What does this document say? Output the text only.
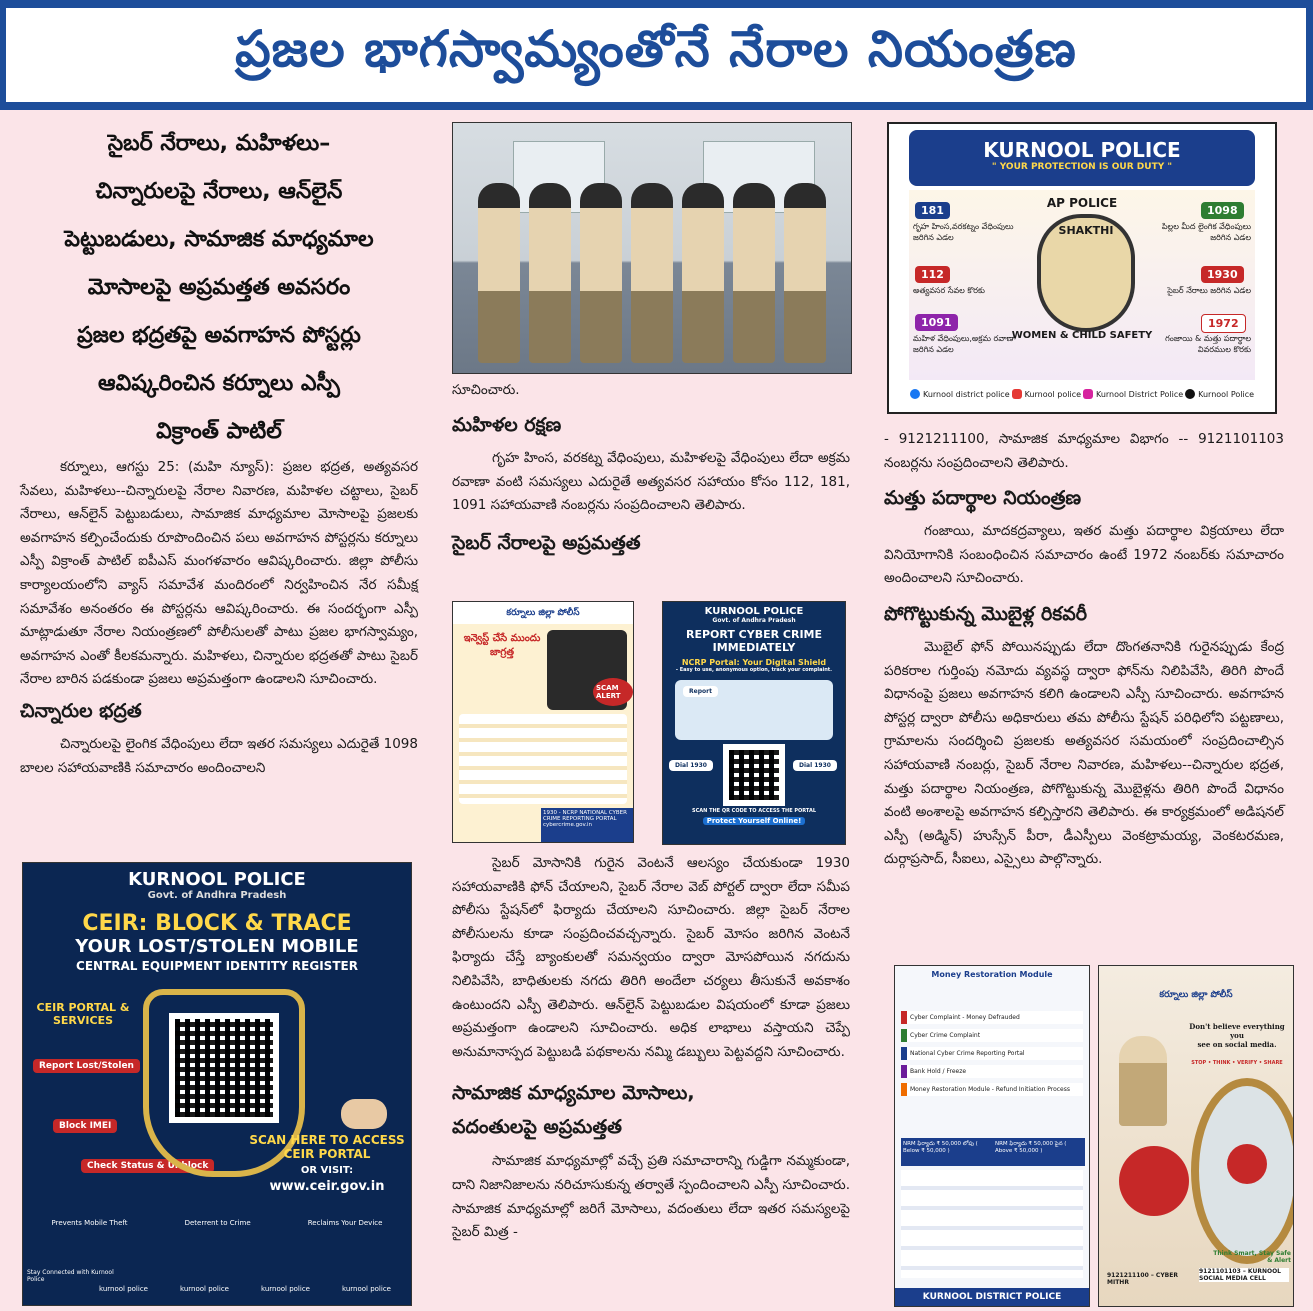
ప్రజల భాగస్వామ్యంతోనే నేరాల నియంత్రణ
సైబర్ నేరాలు, మహిళలు–
చిన్నారులపై నేరాలు, ఆన్‌లైన్
పెట్టుబడులు, సామాజిక మాధ్యమాల
మోసాలపై అప్రమత్తత అవసరం
ప్రజల భద్రతపై అవగాహన పోస్టర్లు
ఆవిష్కరించిన కర్నూలు ఎస్పీ
విక్రాంత్ పాటిల్

కర్నూలు, ఆగస్టు 25: (మహి న్యూస్): ప్రజల భద్రత, అత్యవసర సేవలు, మహిళలు--చిన్నారులపై నేరాల నివారణ, మహిళల చట్టాలు, సైబర్ నేరాలు, ఆన్‌లైన్ పెట్టుబడులు, సామాజిక మాధ్యమాల మోసాలపై ప్రజలకు అవగాహన కల్పించేందుకు రూపొందించిన పలు అవగాహన పోస్టర్లను కర్నూలు ఎస్పీ విక్రాంత్ పాటిల్ ఐపీఎస్ మంగళవారం ఆవిష్కరించారు. జిల్లా పోలీసు కార్యాలయంలోని వ్యాస్ సమావేశ మందిరంలో నిర్వహించిన నేర సమీక్ష సమావేశం అనంతరం ఈ పోస్టర్లను ఆవిష్కరించారు. ఈ సందర్భంగా ఎస్పీ మాట్లాడుతూ నేరాల నియంత్రణలో పోలీసులతో పాటు ప్రజల భాగస్వామ్యం, అవగాహన ఎంతో కీలకమన్నారు. మహిళలు, చిన్నారుల భద్రతతో పాటు సైబర్ నేరాల బారిన పడకుండా ప్రజలు అప్రమత్తంగా ఉండాలని సూచించారు.

చిన్నారుల భద్రత

చిన్నారులపై లైంగిక వేధింపులు లేదా ఇతర సమస్యలు ఎదురైతే 1098 బాలల సహాయవాణికి సమాచారం అందించాలని

సూచించారు.
మహిళల రక్షణ

గృహ హింస, వరకట్న వేధింపులు, మహిళలపై వేధింపులు లేదా అక్రమ రవాణా వంటి సమస్యలు ఎదురైతే అత్యవసర సహాయం కోసం 112, 181, 1091 సహాయవాణి నంబర్లను సంప్రదించాలని తెలిపారు.

సైబర్ నేరాలపై అప్రమత్తత

సైబర్ మోసానికి గురైన వెంటనే ఆలస్యం చేయకుండా 1930 సహాయవాణికి ఫోన్ చేయాలని, సైబర్ నేరాల వెబ్ పోర్టల్ ద్వారా లేదా సమీప పోలీసు స్టేషన్‌లో ఫిర్యాదు చేయాలని సూచించారు. జిల్లా సైబర్ నేరాల పోలీసులను కూడా సంప్రదించవచ్చన్నారు. సైబర్ మోసం జరిగిన వెంటనే ఫిర్యాదు చేస్తే బ్యాంకులతో సమన్వయం ద్వారా మోసపోయిన నగదును నిలిపివేసి, బాధితులకు నగదు తిరిగి అందేలా చర్యలు తీసుకునే అవకాశం ఉంటుందని ఎస్పీ తెలిపారు. ఆన్‌లైన్ పెట్టుబడుల విషయంలో కూడా ప్రజలు అప్రమత్తంగా ఉండాలని సూచించారు. అధిక లాభాలు వస్తాయని చెప్పే అనుమానాస్పద పెట్టుబడి పథకాలను నమ్మి డబ్బులు పెట్టవద్దని సూచించారు.

సామాజిక మాధ్యమాల మోసాలు,
వదంతులపై అప్రమత్తత

సామాజిక మాధ్యమాల్లో వచ్చే ప్రతి సమాచారాన్ని గుడ్డిగా నమ్మకుండా, దాని నిజానిజాలను నరిచూసుకున్న తర్వాతే స్పందించాలని ఎస్పీ సూచించారు. సామాజిక మాధ్యమాల్లో జరిగే మోసాలు, వదంతులు లేదా ఇతర సమస్యలపై సైబర్ మిత్ర -

- 9121211100, సామాజిక మాధ్యమాల విభాగం -- 9121101103 నంబర్లను సంప్రదించాలని తెలిపారు.

మత్తు పదార్థాల నియంత్రణ

గంజాయి, మాదకద్రవ్యాలు, ఇతర మత్తు పదార్థాల విక్రయాలు లేదా వినియోగానికి సంబంధించిన సమాచారం ఉంటే 1972 నంబర్‌కు సమాచారం అందించాలని సూచించారు.

పోగొట్టుకున్న మొబైళ్ల రికవరీ

మొబైల్ ఫోన్ పోయినప్పుడు లేదా దొంగతనానికి గురైనప్పుడు కేంద్ర పరికరాల గుర్తింపు నమోదు వ్యవస్థ ద్వారా ఫోన్‌ను నిలిపివేసి, తిరిగి పొందే విధానంపై ప్రజలు అవగాహన కలిగి ఉండాలని ఎస్పీ సూచించారు. అవగాహన పోస్టర్ల ద్వారా పోలీసు అధికారులు తమ పోలీసు స్టేషన్ పరిధిలోని పట్టణాలు, గ్రామాలను సందర్శించి ప్రజలకు అత్యవసర సమయంలో సంప్రదించాల్సిన సహాయవాణి నంబర్లు, సైబర్ నేరాల నివారణ, మహిళలు--చిన్నారుల భద్రత, మత్తు పదార్థాల నియంత్రణ, పోగొట్టుకున్న మొబైళ్లను తిరిగి పొందే విధానం వంటి అంశాలపై అవగాహన కల్పిస్తారని తెలిపారు. ఈ కార్యక్రమంలో అడిషనల్ ఎస్పీ (అడ్మిన్) హుస్సేన్ పీరా, డీఎస్పీలు వెంకట్రామయ్య, వెంకటరమణ, దుర్గాప్రసాద్, సీఐలు, ఎస్సైలు పాల్గొన్నారు.

KURNOOL POLICE
" YOUR PROTECTION IS OUR DUTY "
AP POLICE
SHAKTHI
WOMEN & CHILD SAFETY
181
గృహ హింస,వరకట్నం వేధింపులు జరిగిన ఎడల
112
అత్యవసర సేవల కొరకు
1091
మహిళ వేధింపులు,అక్రమ రవాణా జరిగిన ఎడల
1098
పిల్లల మీద లైంగిక వేధింపులు జరిగిన ఎడల
1930
సైబర్ నేరాలు జరిగిన ఎడల
1972
గంజాయి & మత్తు పదార్థాల వివరముల కొరకు
Kurnool district police Kurnool police Kurnool District Police Kurnool Police
కర్నూలు జిల్లా పోలీస్
ఇన్వెస్ట్ చేసే ముందు జాగ్రత్త
SCAM ALERT
1930 - NCRP NATIONAL CYBER CRIME REPORTING PORTAL cybercrime.gov.in
KURNOOL POLICE
Govt. of Andhra Pradesh
REPORT CYBER CRIME IMMEDIATELY
NCRP Portal: Your Digital Shield
- Easy to use, anonymous option, track your complaint.
Report
Dial 1930	Dial 1930
SCAN THE QR CODE TO ACCESS THE PORTAL
Protect Yourself Online!
KURNOOL POLICE
Govt. of Andhra Pradesh
CEIR: BLOCK & TRACE
YOUR LOST/STOLEN MOBILE
CENTRAL EQUIPMENT IDENTITY REGISTER
CEIR PORTAL & SERVICES
Report Lost/Stolen
Block IMEI
Check Status & Unblock
SCAN HERE TO ACCESS CEIR PORTAL
OR VISIT:
www.ceir.gov.in
Prevents Mobile Theft	Deterrent to Crime	Reclaims Your Device
Stay Connected with Kurnool Police
kurnool police	kurnool police	kurnool police	kurnool police
Money Restoration Module
Cyber Complaint - Money Defrauded
Cyber Crime Complaint
National Cyber Crime Reporting Portal
Bank Hold / Freeze
Money Restoration Module - Refund Initiation Process
NRM ఫిర్యాదు ₹ 50,000 లోపు ( Below ₹ 50,000 )
NRM ఫిర్యాదు ₹ 50,000 పైన ( Above ₹ 50,000 )
KURNOOL DISTRICT POLICE
కర్నూలు జిల్లా పోలీస్
Don't believe everything you
see on social media.
STOP • THINK • VERIFY • SHARE
Think Smart, Stay Safe & Alert
9121211100 – CYBER MITHR
9121101103 – KURNOOL SOCIAL MEDIA CELL
